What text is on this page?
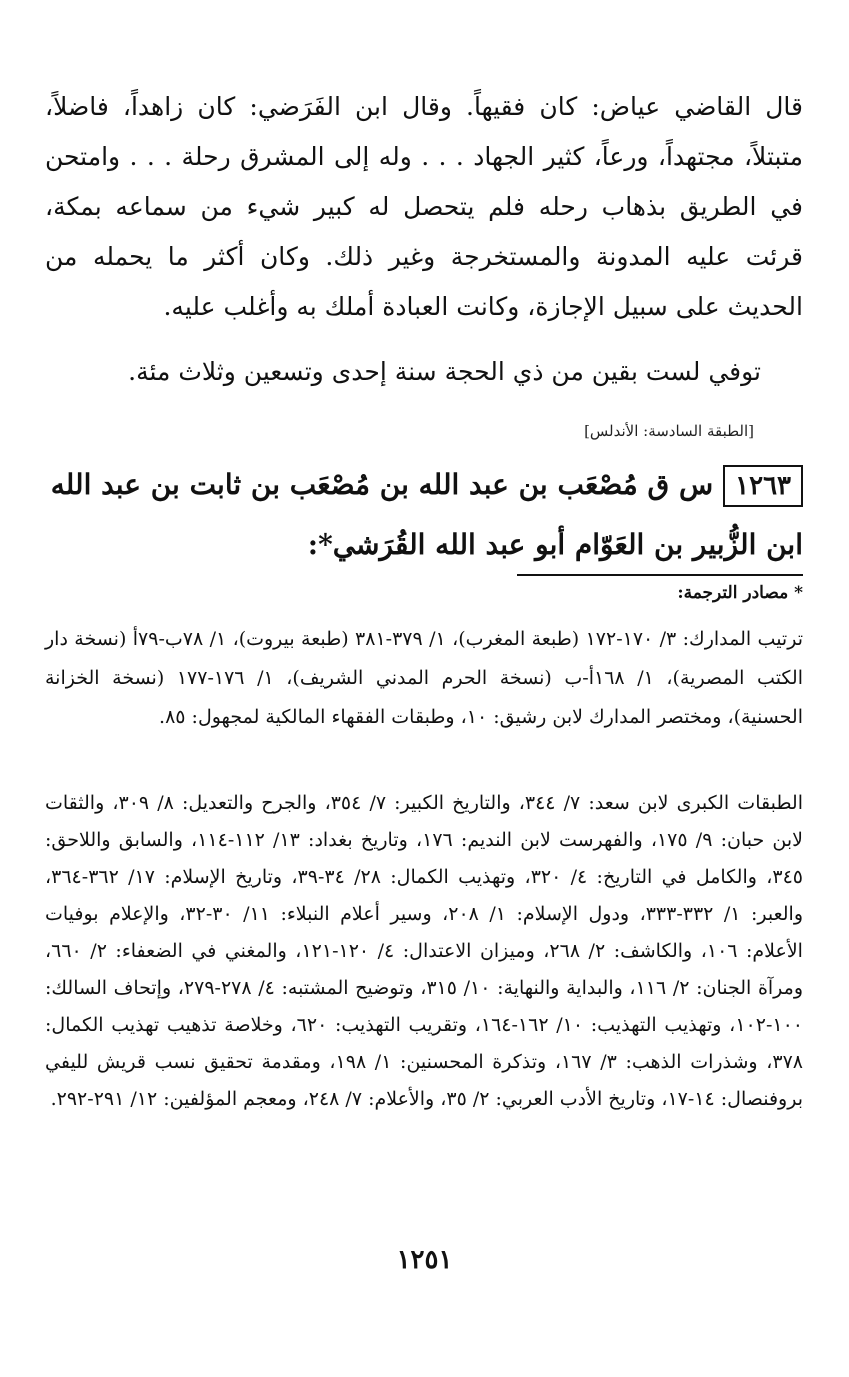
قال القاضي عياض: كان فقيهاً. وقال ابن الفَرَضي: كان زاهداً، فاضلاً، متبتلاً، مجتهداً، ورعاً، كثير الجهاد . . . وله إلى المشرق رحلة . . . وامتحن في الطريق بذهاب رحله فلم يتحصل له كبير شيء من سماعه بمكة، قرئت عليه المدونة والمستخرجة وغير ذلك. وكان أكثر ما يحمله من الحديث على سبيل الإجازة، وكانت العبادة أملك به وأغلب عليه.

توفي لست بقين من ذي الحجة سنة إحدى وتسعين وثلاث مئة.
[الطبقة السادسة: الأندلس]
١٢٦٣س ق مُصْعَب بن عبد الله بن مُصْعَب بن ثابت بن عبد الله ابن الزُّبير بن العَوّام أبو عبد الله القُرَشي*:
* مصادر الترجمة:

ترتيب المدارك: ٣/ ١٧٠-١٧٢ (طبعة المغرب)، ١/ ٣٧٩-٣٨١ (طبعة بيروت)، ١/ ٧٨ب-٧٩أ (نسخة دار الكتب المصرية)، ١/ ١٦٨أ-ب (نسخة الحرم المدني الشريف)، ١/ ١٧٦-١٧٧ (نسخة الخزانة الحسنية)، ومختصر المدارك لابن رشيق: ١٠، وطبقات الفقهاء المالكية لمجهول: ٨٥.

الطبقات الكبرى لابن سعد: ٧/ ٣٤٤، والتاريخ الكبير: ٧/ ٣٥٤، والجرح والتعديل: ٨/ ٣٠٩، والثقات لابن حبان: ٩/ ١٧٥، والفهرست لابن النديم: ١٧٦، وتاريخ بغداد: ١٣/ ١١٢-١١٤، والسابق واللاحق: ٣٤٥، والكامل في التاريخ: ٤/ ٣٢٠، وتهذيب الكمال: ٢٨/ ٣٤-٣٩، وتاريخ الإسلام: ١٧/ ٣٦٢-٣٦٤، والعبر: ١/ ٣٣٢-٣٣٣، ودول الإسلام: ١/ ٢٠٨، وسير أعلام النبلاء: ١١/ ٣٠-٣٢، والإعلام بوفيات الأعلام: ١٠٦، والكاشف: ٢/ ٢٦٨، وميزان الاعتدال: ٤/ ١٢٠-١٢١، والمغني في الضعفاء: ٢/ ٦٦٠، ومرآة الجنان: ٢/ ١١٦، والبداية والنهاية: ١٠/ ٣١٥، وتوضيح المشتبه: ٤/ ٢٧٨-٢٧٩، وإتحاف السالك: ١٠٠-١٠٢، وتهذيب التهذيب: ١٠/ ١٦٢-١٦٤، وتقريب التهذيب: ٦٢٠، وخلاصة تذهيب تهذيب الكمال: ٣٧٨، وشذرات الذهب: ٣/ ١٦٧، وتذكرة المحسنين: ١/ ١٩٨، ومقدمة تحقيق نسب قريش لليفي بروفنصال: ١٤-١٧، وتاريخ الأدب العربي: ٢/ ٣٥، والأعلام: ٧/ ٢٤٨، ومعجم المؤلفين: ١٢/ ٢٩١-٢٩٢.

١٢٥١
